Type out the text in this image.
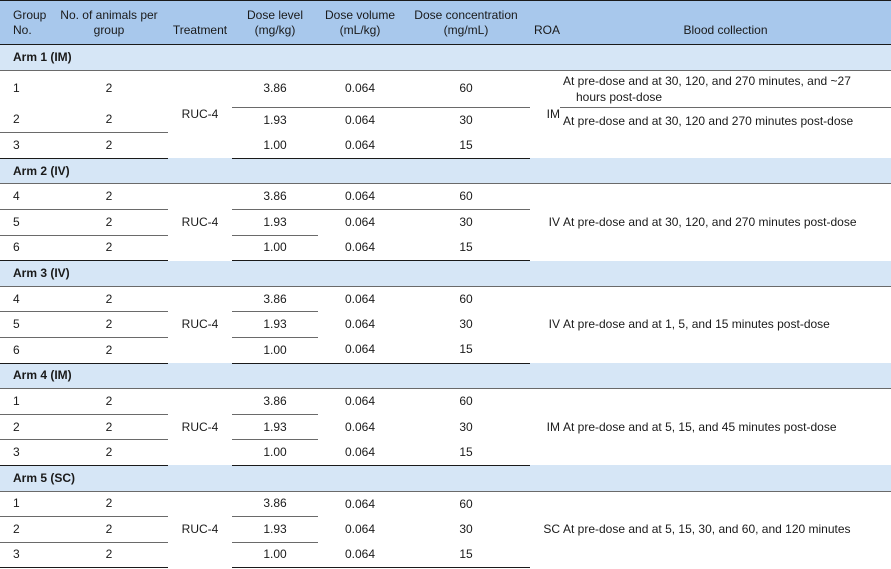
Group No.	No. of animals per group	Treatment	Dose level (mg/kg)	Dose volume (mL/kg)	Dose concentration (mg/mL)	ROA	Blood collection
Arm 1 (IM)							
1	2	RUC-4	3.86	0.064	60	IM	At pre-dose and at 30, 120, and 270 minutes, and ~27
hours post-dose

2	2		1.93	0.064	30		At pre-dose and at 30, 120 and 270 minutes post-dose
3	2		1.00	0.064	15		
Arm 2 (IV)							
4	2	RUC-4	3.86	0.064	60	IV	At pre-dose and at 30, 120, and 270 minutes post-dose
5	2		1.93	0.064	30		
6	2		1.00	0.064	15		
Arm 3 (IV)							
4	2	RUC-4	3.86	0.064	60	IV	At pre-dose and at 1, 5, and 15 minutes post-dose
5	2		1.93	0.064	30		
6	2		1.00	0.064	15		
Arm 4 (IM)							
1	2	RUC-4	3.86	0.064	60	IM	At pre-dose and at 5, 15, and 45 minutes post-dose
2	2		1.93	0.064	30		
3	2		1.00	0.064	15		
Arm 5 (SC)							
1	2	RUC-4	3.86	0.064	60	SC	At pre-dose and at 5, 15, 30, and 60, and 120 minutes
2	2		1.93	0.064	30		
3	2		1.00	0.064	15		
